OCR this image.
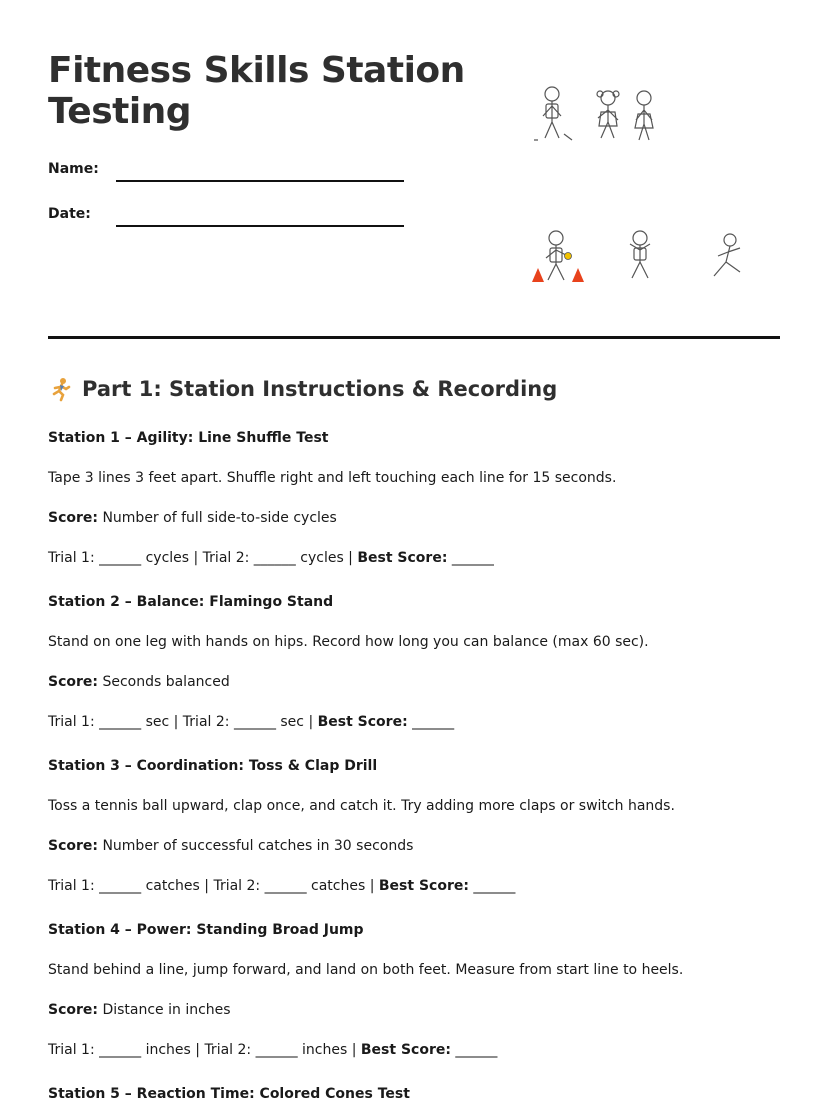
Fitness Skills Station
Testing
Name:
Date:
Part 1: Station Instructions & Recording
Station 1 – Agility: Line Shuffle Test
Tape 3 lines 3 feet apart. Shuffle right and left touching each line for 15 seconds.
Score: Number of full side-to-side cycles
Trial 1: ______ cycles | Trial 2: ______ cycles | Best Score: ______
Station 2 – Balance: Flamingo Stand
Stand on one leg with hands on hips. Record how long you can balance (max 60 sec).
Score: Seconds balanced
Trial 1: ______ sec | Trial 2: ______ sec | Best Score: ______
Station 3 – Coordination: Toss & Clap Drill
Toss a tennis ball upward, clap once, and catch it. Try adding more claps or switch hands.
Score: Number of successful catches in 30 seconds
Trial 1: ______ catches | Trial 2: ______ catches | Best Score: ______
Station 4 – Power: Standing Broad Jump
Stand behind a line, jump forward, and land on both feet. Measure from start line to heels.
Score: Distance in inches
Trial 1: ______ inches | Trial 2: ______ inches | Best Score: ______
Station 5 – Reaction Time: Colored Cones Test
